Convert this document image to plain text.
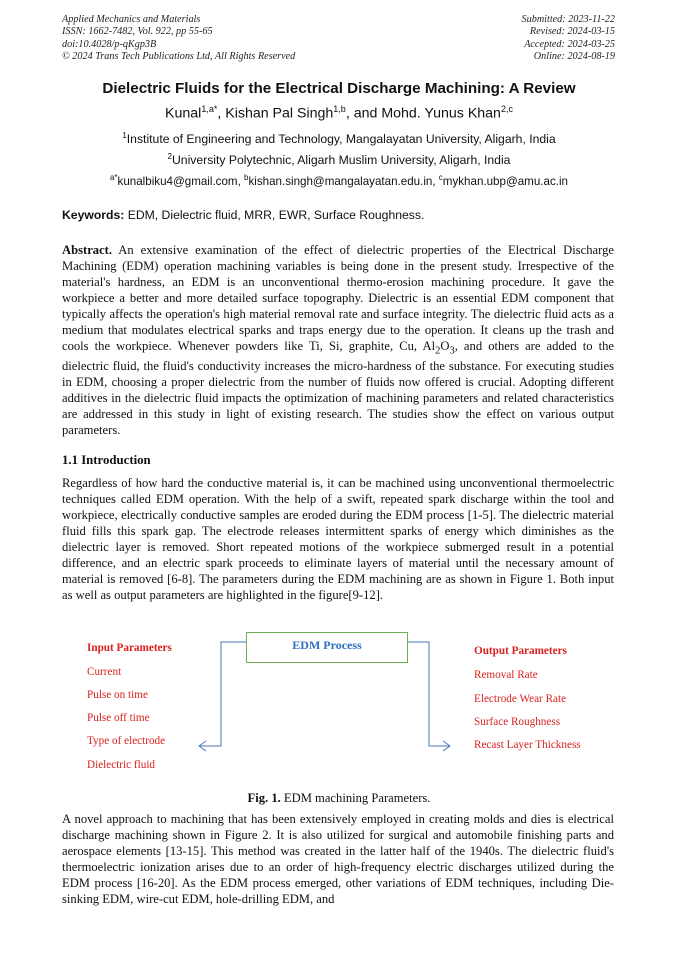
Applied Mechanics and Materials
ISSN: 1662-7482, Vol. 922, pp 55-65
doi:10.4028/p-qKgp3B
© 2024 Trans Tech Publications Ltd, All Rights Reserved
Submitted: 2023-11-22
Revised: 2024-03-15
Accepted: 2024-03-25
Online: 2024-08-19
Dielectric Fluids for the Electrical Discharge Machining: A Review
Kunal$^{1,a*}$, Kishan Pal Singh$^{1,b}$, and Mohd. Yunus Khan$^{2,c}$
$^1$Institute of Engineering and Technology, Mangalayatan University, Aligarh, India
$^2$University Polytechnic, Aligarh Muslim University, Aligarh, India
$^{a*}$kunalbiku4@gmail.com, $^b$kishan.singh@mangalayatan.edu.in, $^c$mykhan.ubp@amu.ac.in
Keywords: EDM, Dielectric fluid, MRR, EWR, Surface Roughness.
Abstract. An extensive examination of the effect of dielectric properties of the Electrical Discharge Machining (EDM) operation machining variables is being done in the present study. Irrespective of the material's hardness, an EDM is an unconventional thermo-erosion machining procedure. It gave the workpiece a better and more detailed surface topography. Dielectric is an essential EDM component that typically affects the operation's high material removal rate and surface integrity. The dielectric fluid acts as a medium that modulates electrical sparks and traps energy due to the operation. It cleans up the trash and cools the workpiece. Whenever powders like Ti, Si, graphite, Cu, $Al_2O_3$, and others are added to the dielectric fluid, the fluid's conductivity increases the micro-hardness of the substance. For executing studies in EDM, choosing a proper dielectric from the number of fluids now offered is crucial. Adopting different additives in the dielectric fluid impacts the optimization of machining parameters and related characteristics are addressed in this study in light of existing research. The studies show the effect on various output parameters.
1.1 Introduction
Regardless of how hard the conductive material is, it can be machined using unconventional thermoelectric techniques called EDM operation. With the help of a swift, repeated spark discharge within the tool and workpiece, electrically conductive samples are eroded during the EDM process [1-5]. The dielectric material fluid fills this spark gap. The electrode releases intermittent sparks of energy which diminishes as the dielectric layer is removed. Short repeated motions of the workpiece submerged result in a potential difference, and an electric spark proceeds to eliminate layers of material until the necessary amount of material is removed [6-8]. The parameters during the EDM machining are as shown in Figure 1. Both input as well as output parameters are highlighted in the figure[9-12].
EDM Process
Input Parameters
Current
Pulse on time
Pulse off time
Type of electrode
Dielectric fluid
Output Parameters
Removal Rate
Electrode Wear Rate
Surface Roughness
Recast Layer Thickness
Fig. 1. EDM machining Parameters.
A novel approach to machining that has been extensively employed in creating molds and dies is electrical discharge machining shown in Figure 2. It is also utilized for surgical and automobile finishing parts and aerospace elements [13-15]. This method was created in the latter half of the 1940s. The dielectric fluid's thermoelectric ionization arises due to an order of high-frequency electric discharges utilized during the EDM process [16-20]. As the EDM process emerged, other variations of EDM techniques, including Die-sinking EDM, wire-cut EDM, hole-drilling EDM, and
